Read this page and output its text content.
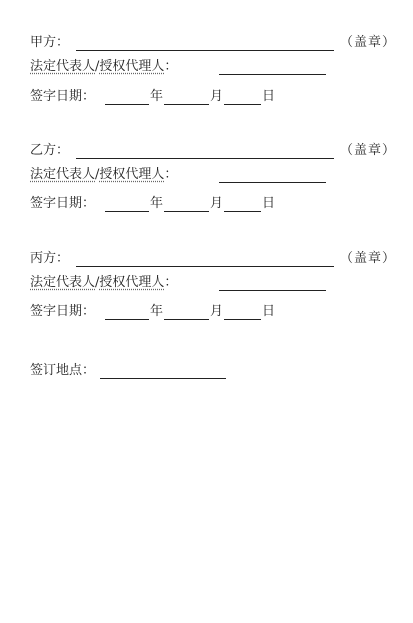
甲方：	（盖章）
法定代表人/授权代理人：
签字日期：	年	月	日
乙方：	（盖章）
法定代表人/授权代理人：
签字日期：	年	月	日
丙方：	（盖章）
法定代表人/授权代理人：
签字日期：	年	月	日
签订地点：
